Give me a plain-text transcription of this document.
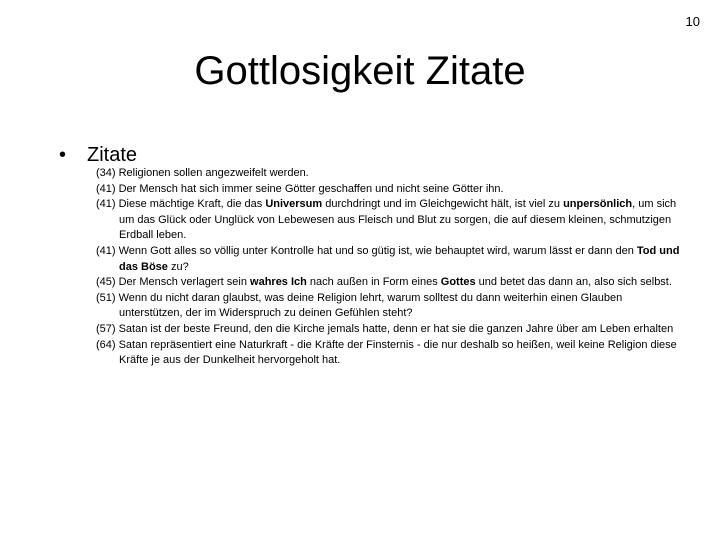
10
Gottlosigkeit Zitate
• Zitate
(34) Religionen sollen angezweifelt werden.
(41) Der Mensch hat sich immer seine Götter geschaffen und nicht seine Götter ihn.
(41) Diese mächtige Kraft, die das Universum durchdringt und im Gleichgewicht hält, ist viel zu unpersönlich, um sich um das Glück oder Unglück von Lebewesen aus Fleisch und Blut zu sorgen, die auf diesem kleinen, schmutzigen Erdball leben.
(41) Wenn Gott alles so völlig unter Kontrolle hat und so gütig ist, wie behauptet wird, warum lässt er dann den Tod und das Böse zu?
(45) Der Mensch verlagert sein wahres Ich nach außen in Form eines Gottes und betet das dann an, also sich selbst.
(51) Wenn du nicht daran glaubst, was deine Religion lehrt, warum solltest du dann weiterhin einen Glauben unterstützen, der im Widerspruch zu deinen Gefühlen steht?
(57) Satan ist der beste Freund, den die Kirche jemals hatte, denn er hat sie die ganzen Jahre über am Leben erhalten
(64) Satan repräsentiert eine Naturkraft - die Kräfte der Finsternis - die nur deshalb so heißen, weil keine Religion diese Kräfte je aus der Dunkelheit hervorgeholt hat.
